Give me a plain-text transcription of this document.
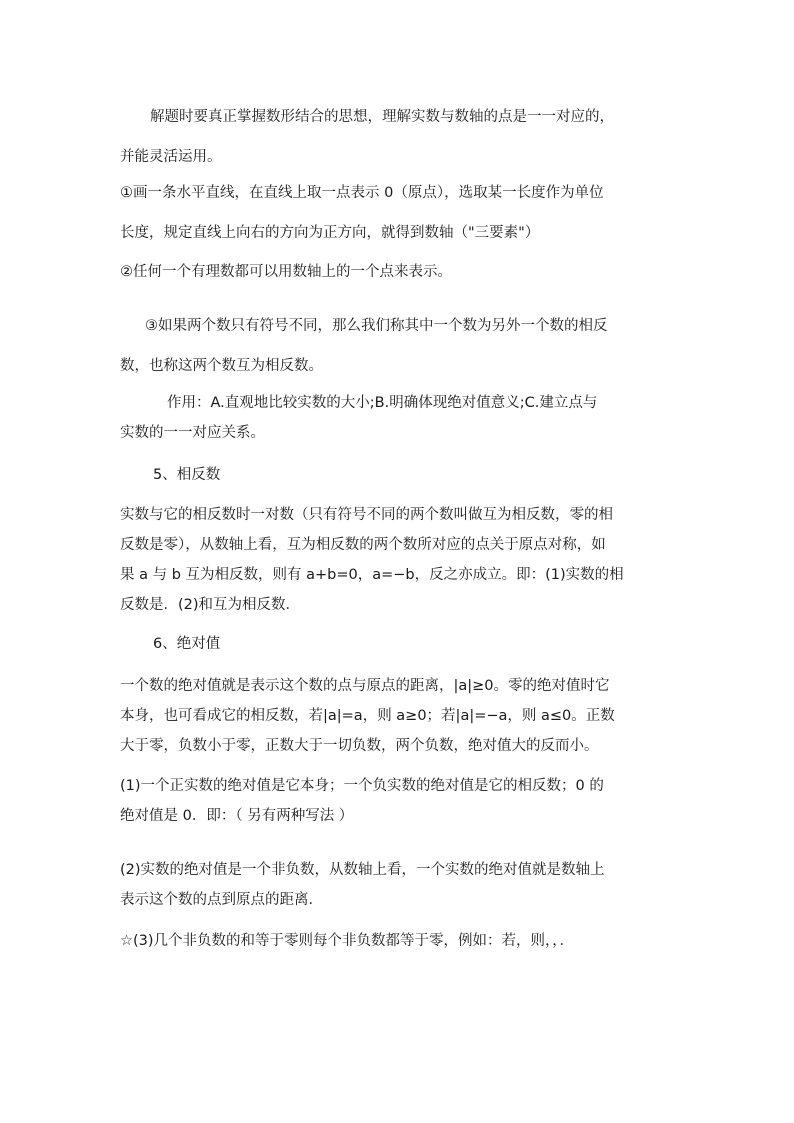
解题时要真正掌握数形结合的思想，理解实数与数轴的点是一一对应的，
并能灵活运用。
①画一条水平直线，在直线上取一点表示 0（原点），选取某一长度作为单位
长度，规定直线上向右的方向为正方向，就得到数轴（"三要素"）
②任何一个有理数都可以用数轴上的一个点来表示。
③如果两个数只有符号不同，那么我们称其中一个数为另外一个数的相反
数，也称这两个数互为相反数。
作用：A.直观地比较实数的大小;B.明确体现绝对值意义;C.建立点与
实数的一一对应关系。
5、相反数
实数与它的相反数时一对数（只有符号不同的两个数叫做互为相反数，零的相
反数是零），从数轴上看，互为相反数的两个数所对应的点关于原点对称，如
果 a 与 b 互为相反数，则有 a+b=0，a=−b，反之亦成立。即：(1)实数的相
反数是．(2)和互为相反数．
6、绝对值
一个数的绝对值就是表示这个数的点与原点的距离，|a|≥0。零的绝对值时它
本身，也可看成它的相反数，若|a|=a，则 a≥0；若|a|=−a，则 a≤0。正数
大于零，负数小于零，正数大于一切负数，两个负数，绝对值大的反而小。
(1)一个正实数的绝对值是它本身；一个负实数的绝对值是它的相反数；0 的
绝对值是 0．即：（ 另有两种写法 ）
(2)实数的绝对值是一个非负数，从数轴上看，一个实数的绝对值就是数轴上
表示这个数的点到原点的距离．
☆(3)几个非负数的和等于零则每个非负数都等于零，例如：若，则，，．
